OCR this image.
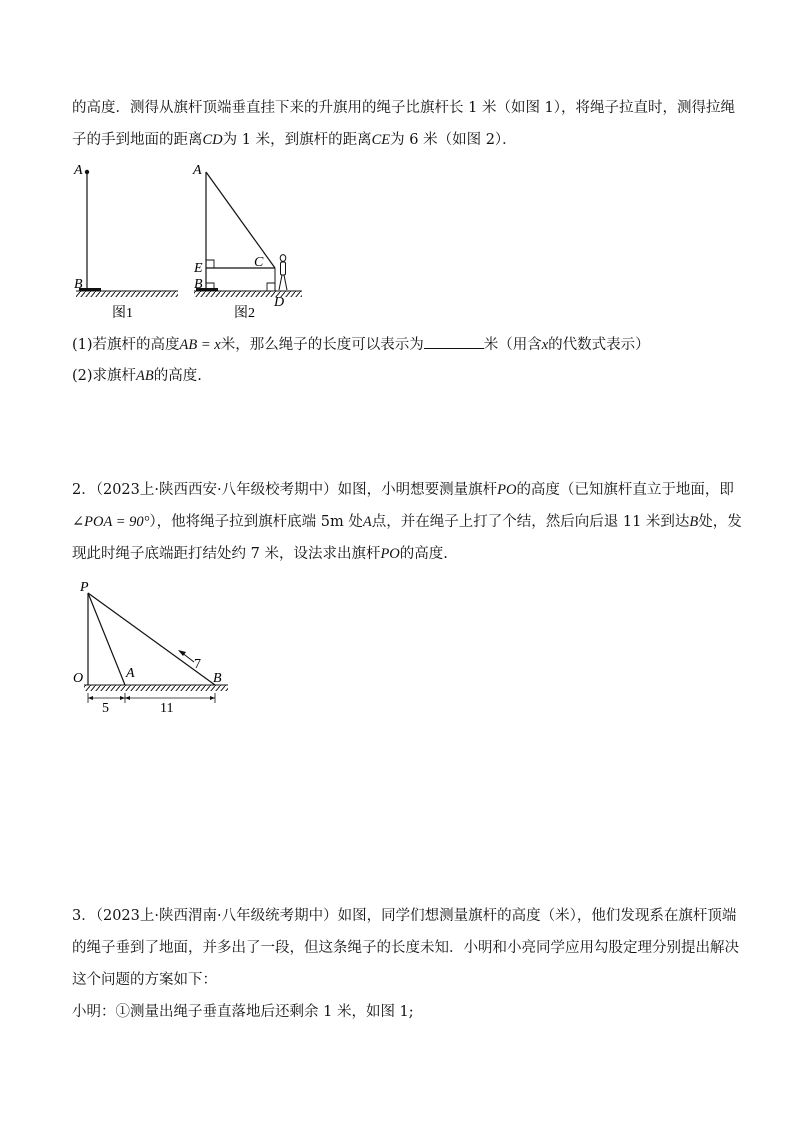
的高度．测得从旗杆顶端垂直挂下来的升旗用的绳子比旗杆长 1 米（如图 1），将绳子拉直时，测得拉绳
子的手到地面的距离CD为 1 米，到旗杆的距离CE为 6 米（如图 2）．
A
B
图1
A
E	C
B
D
图2
(1)若旗杆的高度AB = x米，那么绳子的长度可以表示为	米（用含x的代数式表示）
(2)求旗杆AB的高度.
2．（2023上·陕西西安·八年级校考期中）如图，小明想要测量旗杆PO的高度（已知旗杆直立于地面，即
∠POA = 90°），他将绳子拉到旗杆底端 5m 处A点，并在绳子上打了个结，然后向后退 11 米到达B处，发
现此时绳子底端距打结处约 7 米，设法求出旗杆PO的高度.
P
O	A	B
7
5	11
3．（2023上·陕西渭南·八年级统考期中）如图，同学们想测量旗杆的高度（米），他们发现系在旗杆顶端
的绳子垂到了地面，并多出了一段，但这条绳子的长度未知．小明和小亮同学应用勾股定理分别提出解决
这个问题的方案如下：
小明：①测量出绳子垂直落地后还剩余 1 米，如图 1;
